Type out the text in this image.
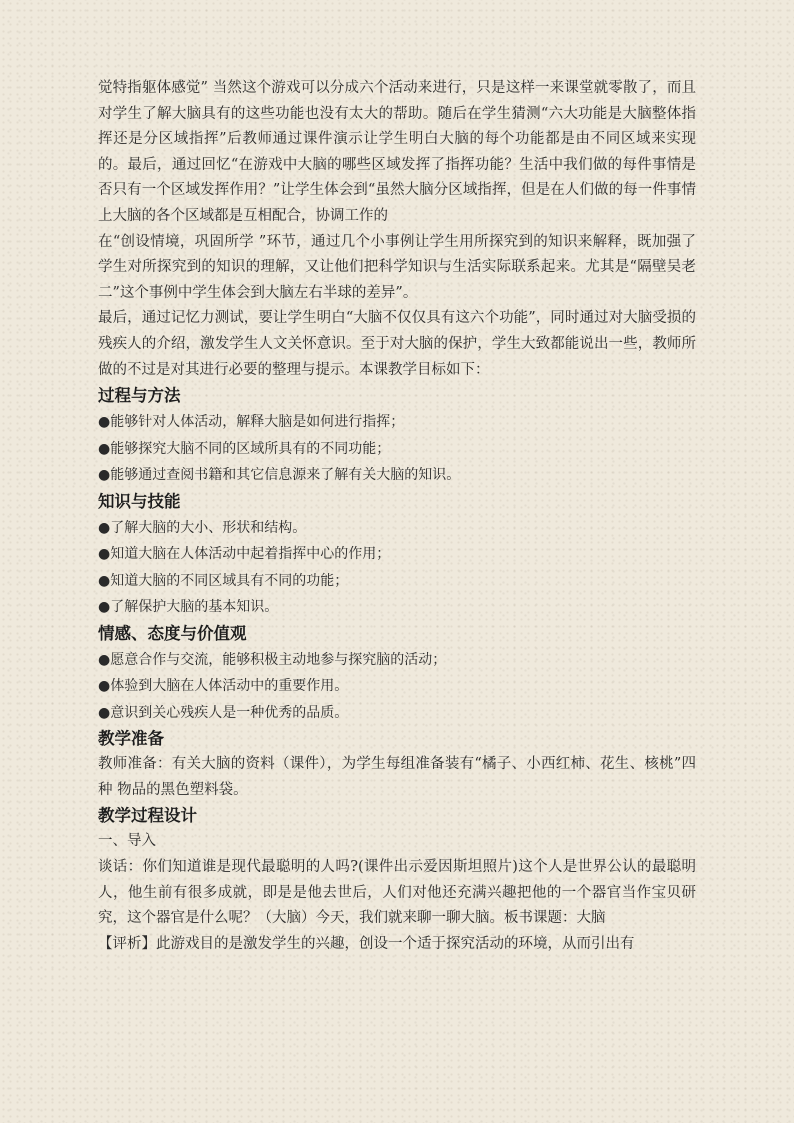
觉特指躯体感觉” 当然这个游戏可以分成六个活动来进行，只是这样一来课堂就零散了，而且对学生了解大脑具有的这些功能也没有太大的帮助。随后在学生猜测“六大功能是大脑整体指挥还是分区域指挥”后教师通过课件演示让学生明白大脑的每个功能都是由不同区域来实现的。最后，通过回忆“在游戏中大脑的哪些区域发挥了指挥功能？生活中我们做的每件事情是否只有一个区域发挥作用？”让学生体会到“虽然大脑分区域指挥，但是在人们做的每一件事情上大脑的各个区域都是互相配合，协调工作的

在“创设情境，巩固所学 ”环节，通过几个小事例让学生用所探究到的知识来解释，既加强了学生对所探究到的知识的理解，又让他们把科学知识与生活实际联系起来。尤其是“隔壁吴老二”这个事例中学生体会到大脑左右半球的差异”。

最后，通过记忆力测试，要让学生明白“大脑不仅仅具有这六个功能”，同时通过对大脑受损的残疾人的介绍，激发学生人文关怀意识。至于对大脑的保护，学生大致都能说出一些，教师所做的不过是对其进行必要的整理与提示。本课教学目标如下：

过程与方法

●能够针对人体活动，解释大脑是如何进行指挥；

●能够探究大脑不同的区域所具有的不同功能；

●能够通过查阅书籍和其它信息源来了解有关大脑的知识。

知识与技能

●了解大脑的大小、形状和结构。

●知道大脑在人体活动中起着指挥中心的作用；

●知道大脑的不同区域具有不同的功能；

●了解保护大脑的基本知识。

情感、态度与价值观

●愿意合作与交流，能够积极主动地参与探究脑的活动；

●体验到大脑在人体活动中的重要作用。

●意识到关心残疾人是一种优秀的品质。

教学准备

教师准备：有关大脑的资料（课件），为学生每组准备装有“橘子、小西红柿、花生、核桃”四种 物品的黑色塑料袋。

教学过程设计

一、导入

谈话：你们知道谁是现代最聪明的人吗?(课件出示爱因斯坦照片)这个人是世界公认的最聪明人，他生前有很多成就，即是是他去世后，人们对他还充满兴趣把他的一个器官当作宝贝研究，这个器官是什么呢？（大脑）今天，我们就来聊一聊大脑。板书课题：大脑

【评析】此游戏目的是激发学生的兴趣，创设一个适于探究活动的环境，从而引出有
